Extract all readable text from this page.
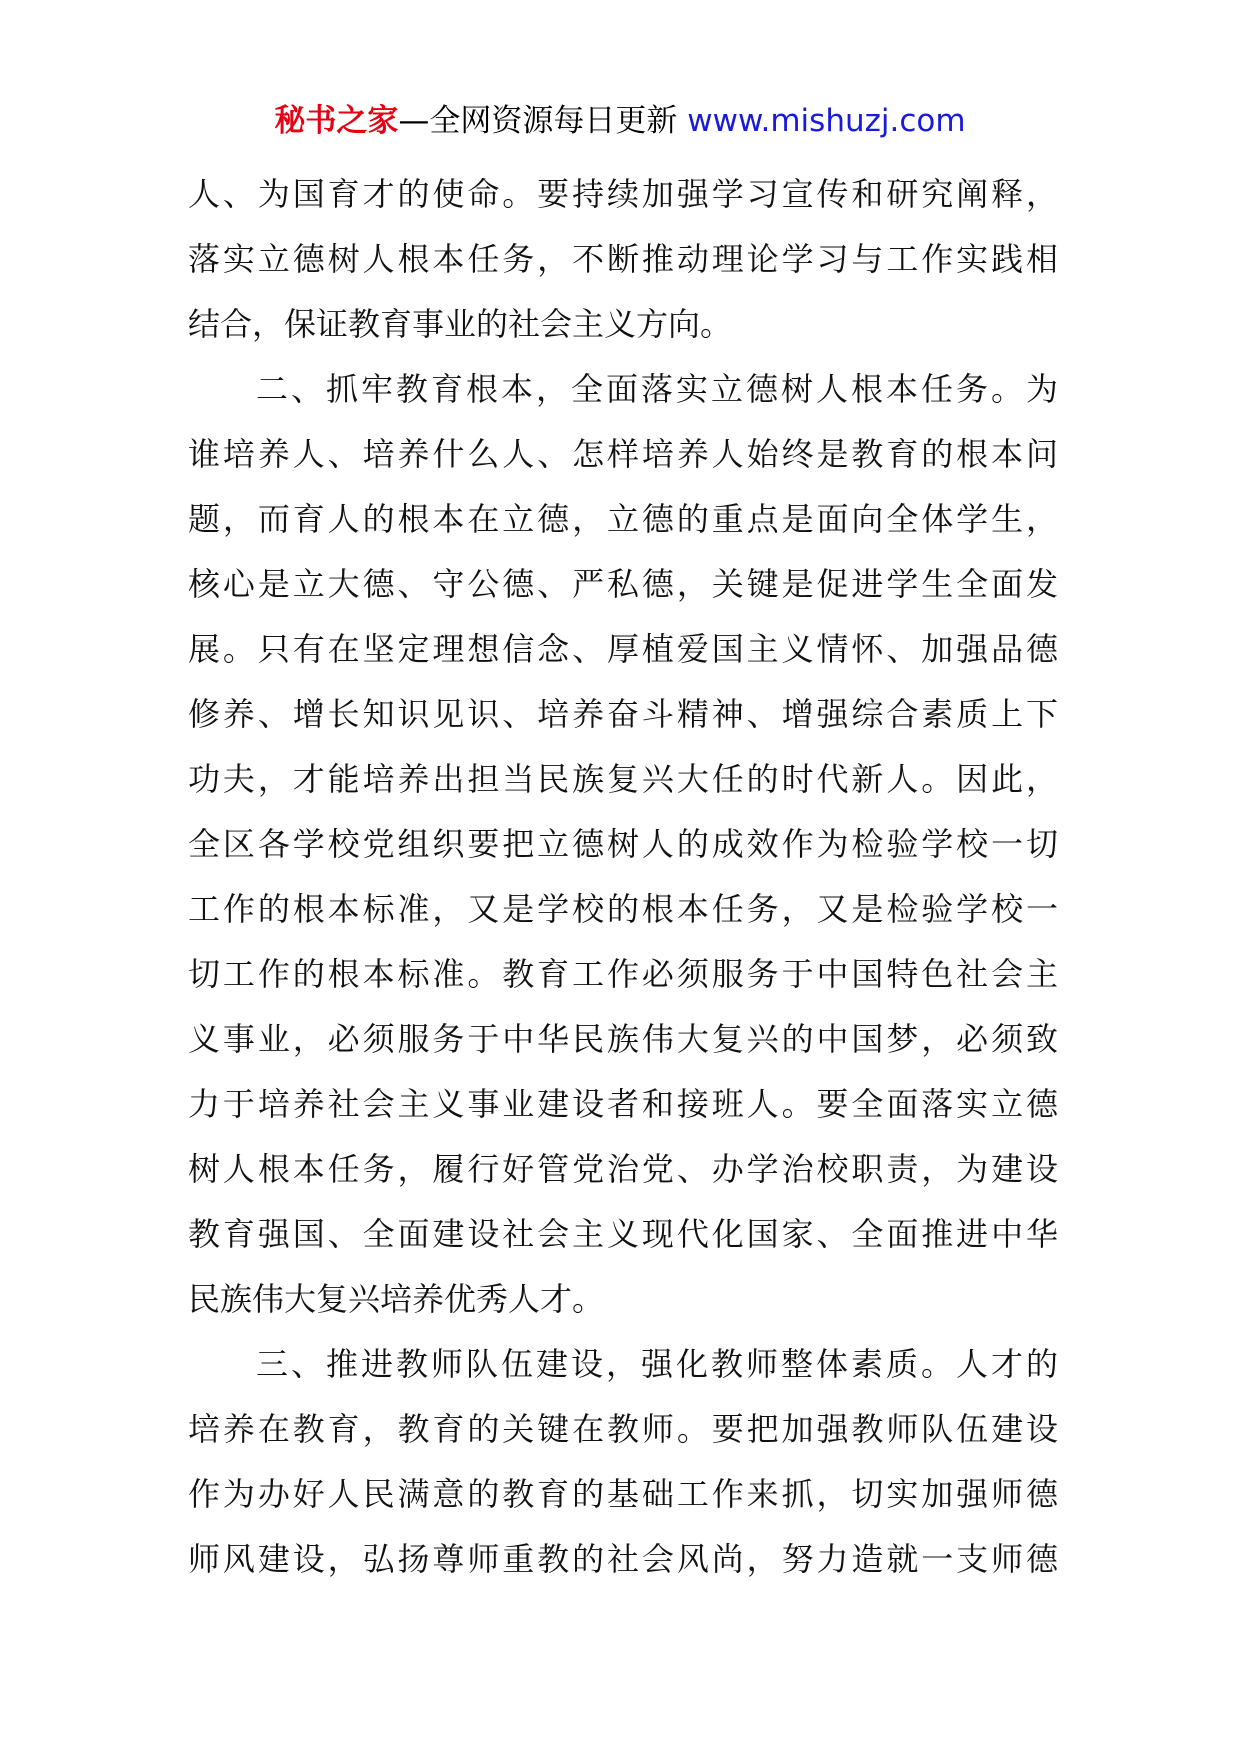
秘书之家—全网资源每日更新 www.mishuzj.com
人、为国育才的使命。要持续加强学习宣传和研究阐释，
落实立德树人根本任务，不断推动理论学习与工作实践相
结合，保证教育事业的社会主义方向。
二、抓牢教育根本，全面落实立德树人根本任务。为
谁培养人、培养什么人、怎样培养人始终是教育的根本问
题，而育人的根本在立德，立德的重点是面向全体学生，
核心是立大德、守公德、严私德，关键是促进学生全面发
展。只有在坚定理想信念、厚植爱国主义情怀、加强品德
修养、增长知识见识、培养奋斗精神、增强综合素质上下
功夫，才能培养出担当民族复兴大任的时代新人。因此，
全区各学校党组织要把立德树人的成效作为检验学校一切
工作的根本标准，又是学校的根本任务，又是检验学校一
切工作的根本标准。教育工作必须服务于中国特色社会主
义事业，必须服务于中华民族伟大复兴的中国梦，必须致
力于培养社会主义事业建设者和接班人。要全面落实立德
树人根本任务，履行好管党治党、办学治校职责，为建设
教育强国、全面建设社会主义现代化国家、全面推进中华
民族伟大复兴培养优秀人才。
三、推进教师队伍建设，强化教师整体素质。人才的
培养在教育，教育的关键在教师。要把加强教师队伍建设
作为办好人民满意的教育的基础工作来抓，切实加强师德
师风建设，弘扬尊师重教的社会风尚，努力造就一支师德
